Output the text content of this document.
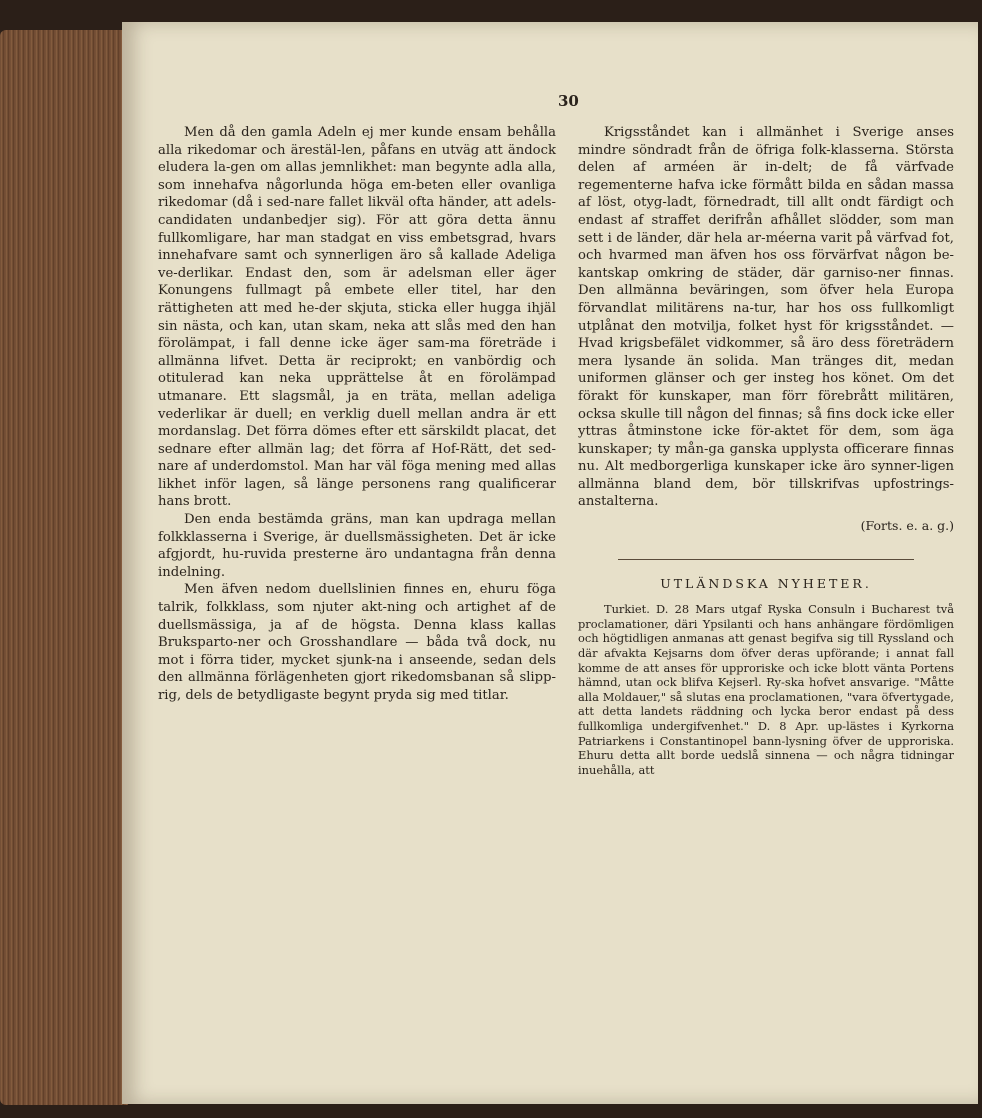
30

Men då den gamla Adeln ej mer kunde ensam behålla alla rikedomar och ärestäl-len, påfans en utväg att ändock eludera la-gen om allas jemnlikhet: man begynte adla alla, som innehafva någorlunda höga em-beten eller ovanliga rikedomar (då i sed-nare fallet likväl ofta händer, att adels-candidaten undanbedjer sig). För att göra detta ännu fullkomligare, har man stadgat en viss embetsgrad, hvars innehafvare samt och synnerligen äro så kallade Adeliga ve-derlikar. Endast den, som är adelsman eller äger Konungens fullmagt på embete eller titel, har den rättigheten att med he-der skjuta, sticka eller hugga ihjäl sin nästa, och kan, utan skam, neka att slås med den han förolämpat, i fall denne icke äger sam-ma företräde i allmänna lifvet. Detta är reciprokt; en vanbördig och otitulerad kan neka upprättelse åt en förolämpad utmanare. Ett slagsmål, ja en träta, mellan adeliga vederlikar är duell; en verklig duell mellan andra är ett mordanslag. Det förra dömes efter ett särskildt placat, det sednare efter allmän lag; det förra af Hof-Rätt, det sed-nare af underdomstol. Man har väl föga mening med allas likhet inför lagen, så länge personens rang qualificerar hans brott.

Den enda bestämda gräns, man kan updraga mellan folkklasserna i Sverige, är duellsmässigheten. Det är icke afgjordt, hu-ruvida presterne äro undantagna från denna indelning.

Men äfven nedom duellslinien finnes en, ehuru föga talrik, folkklass, som njuter akt-ning och artighet af de duellsmässiga, ja af de högsta. Denna klass kallas Bruksparto-ner och Grosshandlare — båda två dock, nu mot i förra tider, mycket sjunk-na i anseende, sedan dels den allmänna förlägenheten gjort rikedomsbanan så slipp-rig, dels de betydligaste begynt pryda sig med titlar.

Krigsståndet kan i allmänhet i Sverige anses mindre söndradt från de öfriga folk-klasserna. Största delen af arméen är in-delt; de få värfvade regementerne hafva icke förmått bilda en sådan massa af löst, otyg-ladt, förnedradt, till allt ondt färdigt och endast af straffet derifrån afhållet slödder, som man sett i de länder, där hela ar-méerna varit på värfvad fot, och hvarmed man äfven hos oss förvärfvat någon be-kantskap omkring de städer, där garniso-ner finnas. Den allmänna beväringen, som öfver hela Europa förvandlat militärens na-tur, har hos oss fullkomligt utplånat den motvilja, folket hyst för krigsståndet. — Hvad krigsbefälet vidkommer, så äro dess företrädern mera lysande än solida. Man tränges dit, medan uniformen glänser och ger insteg hos könet. Om det förakt för kunskaper, man förr förebrått militären, ocksa skulle till någon del finnas; så fins dock icke eller yttras åtminstone icke för-aktet för dem, som äga kunskaper; ty mån-ga ganska upplysta officerare finnas nu. Alt medborgerliga kunskaper icke äro synner-ligen allmänna bland dem, bör tillskrifvas upfostrings-anstalterna.

(Forts. e. a. g.)

UTLÄNDSKA NYHETER.

Turkiet. D. 28 Mars utgaf Ryska Consuln i Bucharest två proclamationer, däri Ypsilanti och hans anhängare fördömligen och högtidligen anmanas att genast begifva sig till Ryssland och där afvakta Kejsarns dom öfver deras upförande; i annat fall komme de att anses för upproriske och icke blott vänta Portens hämnd, utan ock blifva Kejserl. Ry-ska hofvet ansvarige. "Måtte alla Moldauer," så slutas ena proclamationen, "vara öfvertygade, att detta landets räddning och lycka beror endast på dess fullkomliga undergifvenhet." D. 8 Apr. up-lästes i Kyrkorna Patriarkens i Constantinopel bann-lysning öfver de upproriska. Ehuru detta allt borde uedslå sinnena — och några tidningar inuehålla, att
